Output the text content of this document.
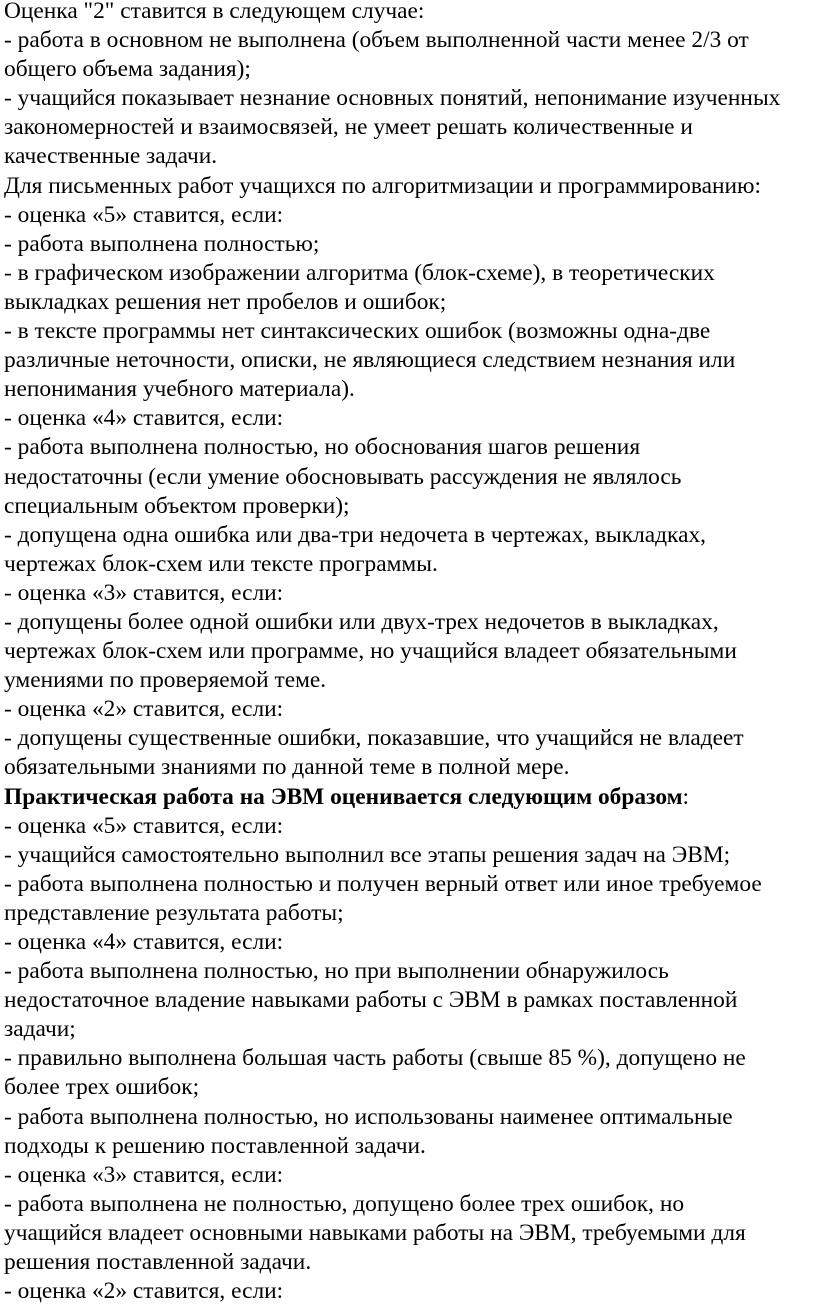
Оценка "2" ставится в следующем случае:

- работа в основном не выполнена (объем выполненной части менее 2/3 от

общего объема задания);

- учащийся показывает незнание основных понятий, непонимание изученных

закономерностей и взаимосвязей, не умеет решать количественные и

качественные задачи.

Для письменных работ учащихся по алгоритмизации и программированию:

- оценка «5» ставится, если:

- работа выполнена полностью;

- в графическом изображении алгоритма (блок-схеме), в теоретических

выкладках решения нет пробелов и ошибок;

- в тексте программы нет синтаксических ошибок (возможны одна-две

различные неточности, описки, не являющиеся следствием незнания или

непонимания учебного материала).

- оценка «4» ставится, если:

- работа выполнена полностью, но обоснования шагов решения

недостаточны (если умение обосновывать рассуждения не являлось

специальным объектом проверки);

- допущена одна ошибка или два-три недочета в чертежах, выкладках,

чертежах блок-схем или тексте программы.

- оценка «3» ставится, если:

- допущены более одной ошибки или двух-трех недочетов в выкладках,

чертежах блок-схем или программе, но учащийся владеет обязательными

умениями по проверяемой теме.

- оценка «2» ставится, если:

- допущены существенные ошибки, показавшие, что учащийся не владеет

обязательными знаниями по данной теме в полной мере.

Практическая работа на ЭВМ оценивается следующим образом:

- оценка «5» ставится, если:

- учащийся самостоятельно выполнил все этапы решения задач на ЭВМ;

- работа выполнена полностью и получен верный ответ или иное требуемое

представление результата работы;

- оценка «4» ставится, если:

- работа выполнена полностью, но при выполнении обнаружилось

недостаточное владение навыками работы с ЭВМ в рамках поставленной

задачи;

- правильно выполнена большая часть работы (свыше 85 %), допущено не

более трех ошибок;

- работа выполнена полностью, но использованы наименее оптимальные

подходы к решению поставленной задачи.

- оценка «3» ставится, если:

- работа выполнена не полностью, допущено более трех ошибок, но

учащийся владеет основными навыками работы на ЭВМ, требуемыми для

решения поставленной задачи.

- оценка «2» ставится, если:
